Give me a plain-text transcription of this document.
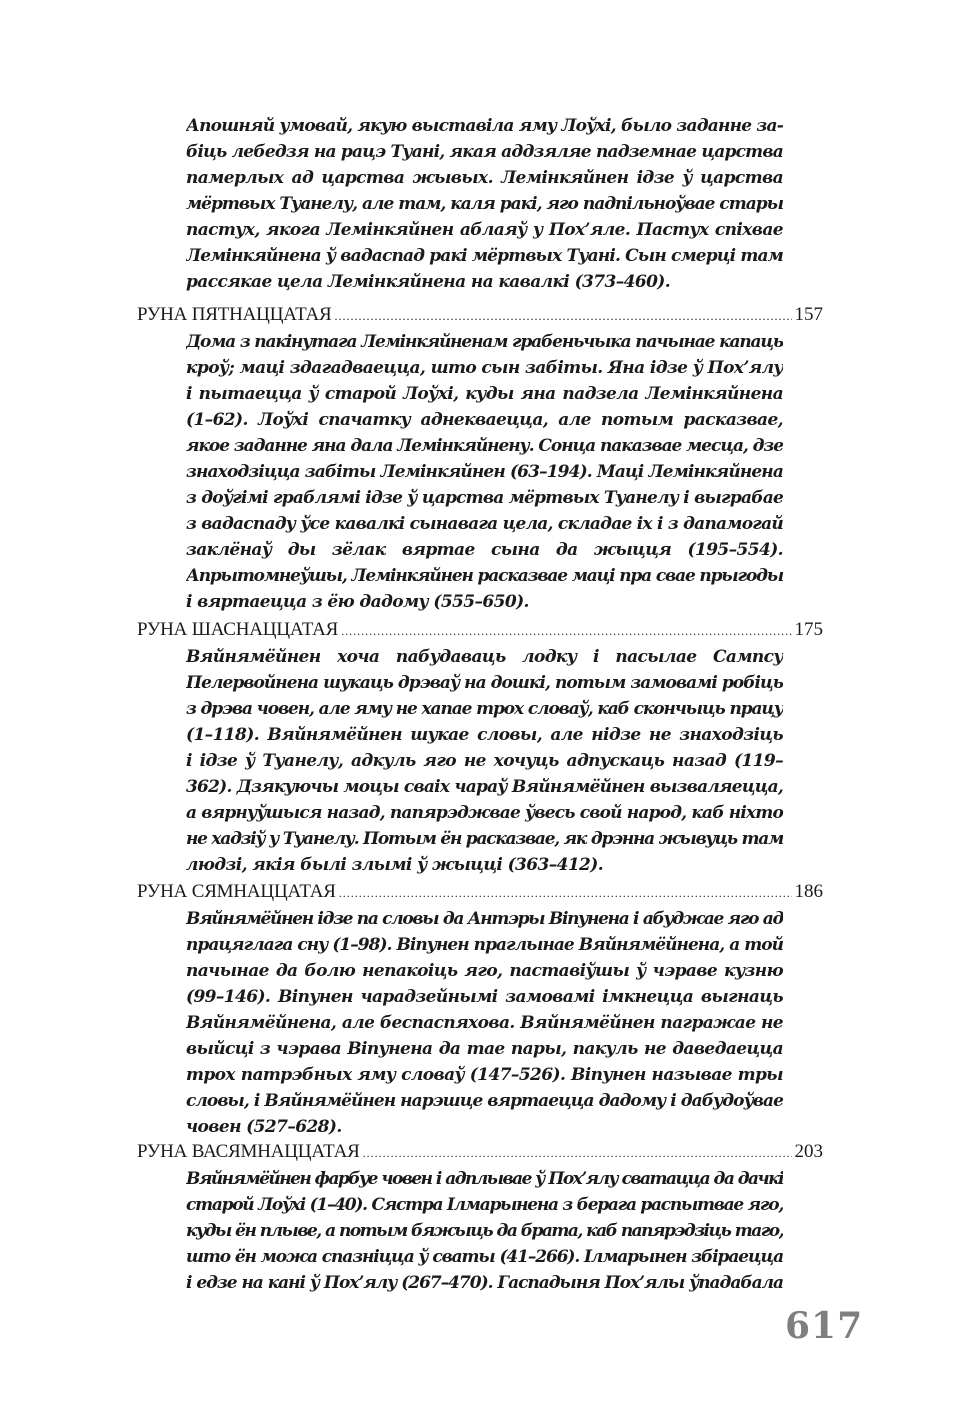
Апошняй умовай, якую выставіла яму Лоўхі, было заданне за-
біць лебедзя на рацэ Туані, якая аддзяляе падземнае царства
памерлых ад царства жывых. Лемінкяйнен ідзе ў царства
мёртвых Туанелу, але там, каля ракі, яго падпільноўвае стары
пастух, якога Лемінкяйнен аблаяў у Пох’яле. Пастух спіхвае
Лемінкяйнена ў вадаспад ракі мёртвых Туані. Сын смерці там
рассякае цела Лемінкяйнена на кавалкі (373–460).
РУНА ПЯТНАЦЦАТАЯ .....	157
Дома з пакінутага Лемінкяйненам грабеньчыка пачынае капаць
кроў; маці здагадваецца, што сын забіты. Яна ідзе ў Пох’ялу
і пытаецца ў старой Лоўхі, куды яна падзела Лемінкяйнена
(1–62). Лоўхі спачатку аднекваецца, але потым расказвае,
якое заданне яна дала Лемінкяйнену. Сонца паказвае месца, дзе
знаходзіцца забіты Лемінкяйнен (63–194). Маці Лемінкяйнена
з доўгімі граблямі ідзе ў царства мёртвых Туанелу і выграбае
з вадаспаду ўсе кавалкі сынавага цела, складае іх і з дапамогай
заклёнаў ды зёлак вяртае сына да жыцця (195–554).
Апрытомнеўшы, Лемінкяйнен расказвае маці пра свае прыгоды
і вяртаецца з ёю дадому (555–650).
РУНА ШАСНАЦЦАТАЯ .....	175
Вяйнямёйнен хоча пабудаваць лодку і пасылае Сампсу
Пелервойнена шукаць дрэваў на дошкі, потым замовамі робіць
з дрэва човен, але яму не хапае трох словаў, каб скончыць працу
(1–118). Вяйнямёйнен шукае словы, але нідзе не знаходзіць
і ідзе ў Туанелу, адкуль яго не хочуць адпускаць назад (119–
362). Дзякуючы моцы сваіх чараў Вяйнямёйнен вызваляецца,
а вярнуўшыся назад, папярэджвае ўвесь свой народ, каб ніхто
не хадзіў у Туанелу. Потым ён расказвае, як дрэнна жывуць там
людзі, якія былі злымі ў жыцці (363–412).
РУНА СЯМНАЦЦАТАЯ .....	186
Вяйнямёйнен ідзе па словы да Антэры Віпунена і абуджае яго ад
працяглага сну (1–98). Віпунен праглынае Вяйнямёйнена, а той
пачынае да болю непакоіць яго, паставіўшы ў чэраве кузню
(99–146). Віпунен чарадзейнымі замовамі імкнецца выгнаць
Вяйнямёйнена, але беспаспяхова. Вяйнямёйнен пагражае не
выйсці з чэрава Віпунена да тае пары, пакуль не даведаецца
трох патрэбных яму словаў (147–526). Віпунен называе тры
словы, і Вяйнямёйнен нарэшце вяртаецца дадому і дабудоўвае
човен (527–628).
РУНА ВАСЯМНАЦЦАТАЯ .....	203
Вяйнямёйнен фарбуе човен і адплывае ў Пох’ялу сватацца да дачкі
старой Лоўхі (1–40). Сястра Ілмарынена з берага распытвае яго,
куды ён плыве, а потым бяжыць да брата, каб папярэдзіць таго,
што ён можа спазніцца ў сваты (41–266). Ілмарынен збіраецца
і едзе на кані ў Пох’ялу (267–470). Гаспадыня Пох’ялы ўпадабала
617
